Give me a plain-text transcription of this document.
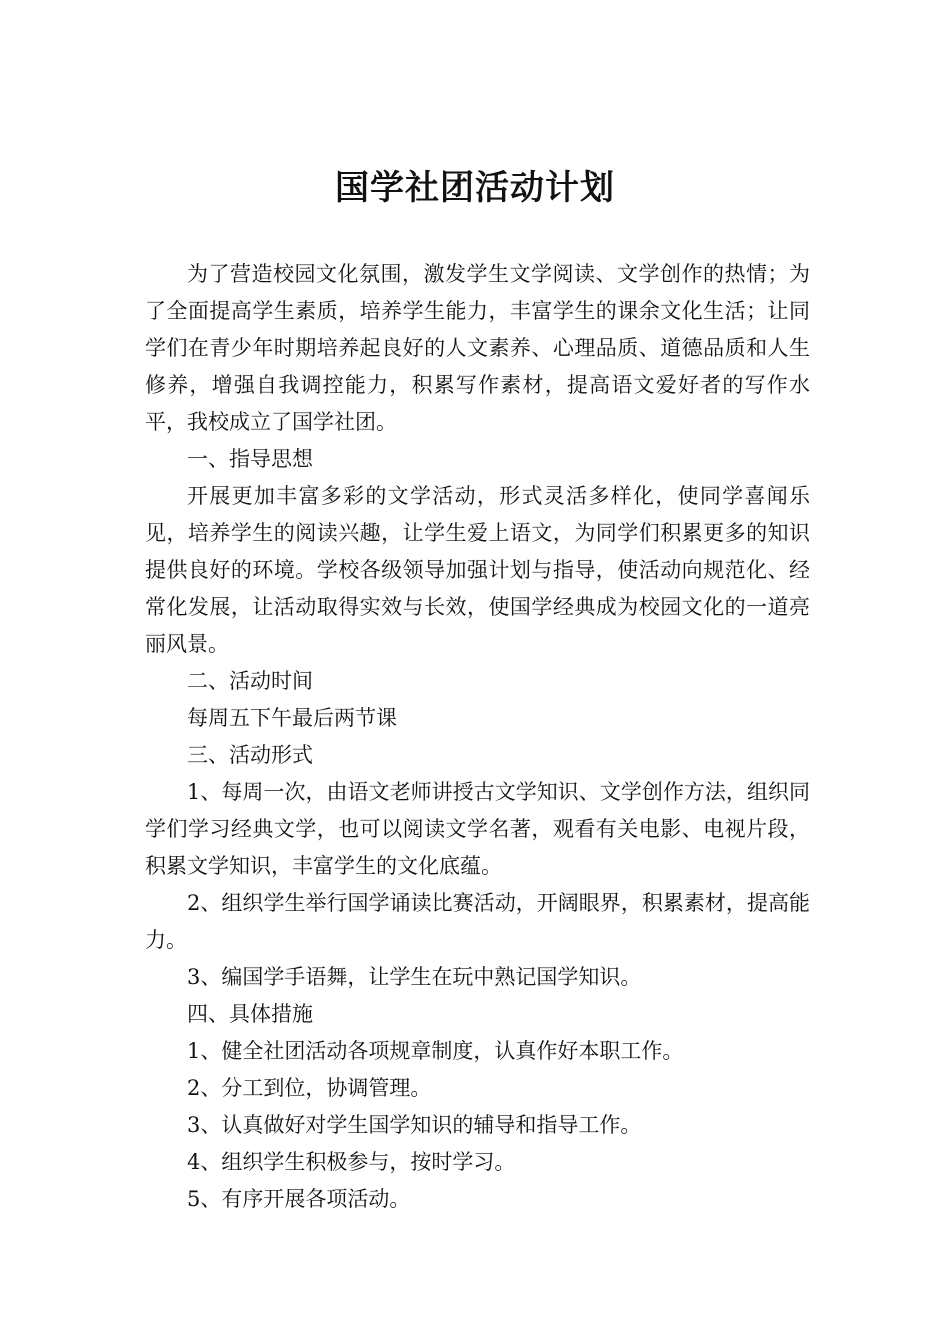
国学社团活动计划

为了营造校园文化氛围，激发学生文学阅读、文学创作的热情；为了全面提高学生素质，培养学生能力，丰富学生的课余文化生活；让同学们在青少年时期培养起良好的人文素养、心理品质、道德品质和人生修养，增强自我调控能力，积累写作素材，提高语文爱好者的写作水平，我校成立了国学社团。

一、指导思想

开展更加丰富多彩的文学活动，形式灵活多样化，使同学喜闻乐见，培养学生的阅读兴趣，让学生爱上语文，为同学们积累更多的知识提供良好的环境。学校各级领导加强计划与指导，使活动向规范化、经常化发展，让活动取得实效与长效，使国学经典成为校园文化的一道亮丽风景。

二、活动时间

每周五下午最后两节课

三、活动形式

1、每周一次，由语文老师讲授古文学知识、文学创作方法，组织同学们学习经典文学，也可以阅读文学名著，观看有关电影、电视片段，积累文学知识，丰富学生的文化底蕴。

2、组织学生举行国学诵读比赛活动，开阔眼界，积累素材，提高能力。

3、编国学手语舞，让学生在玩中熟记国学知识。

四、具体措施

1、健全社团活动各项规章制度，认真作好本职工作。

2、分工到位，协调管理。

3、认真做好对学生国学知识的辅导和指导工作。

4、组织学生积极参与，按时学习。

5、有序开展各项活动。
